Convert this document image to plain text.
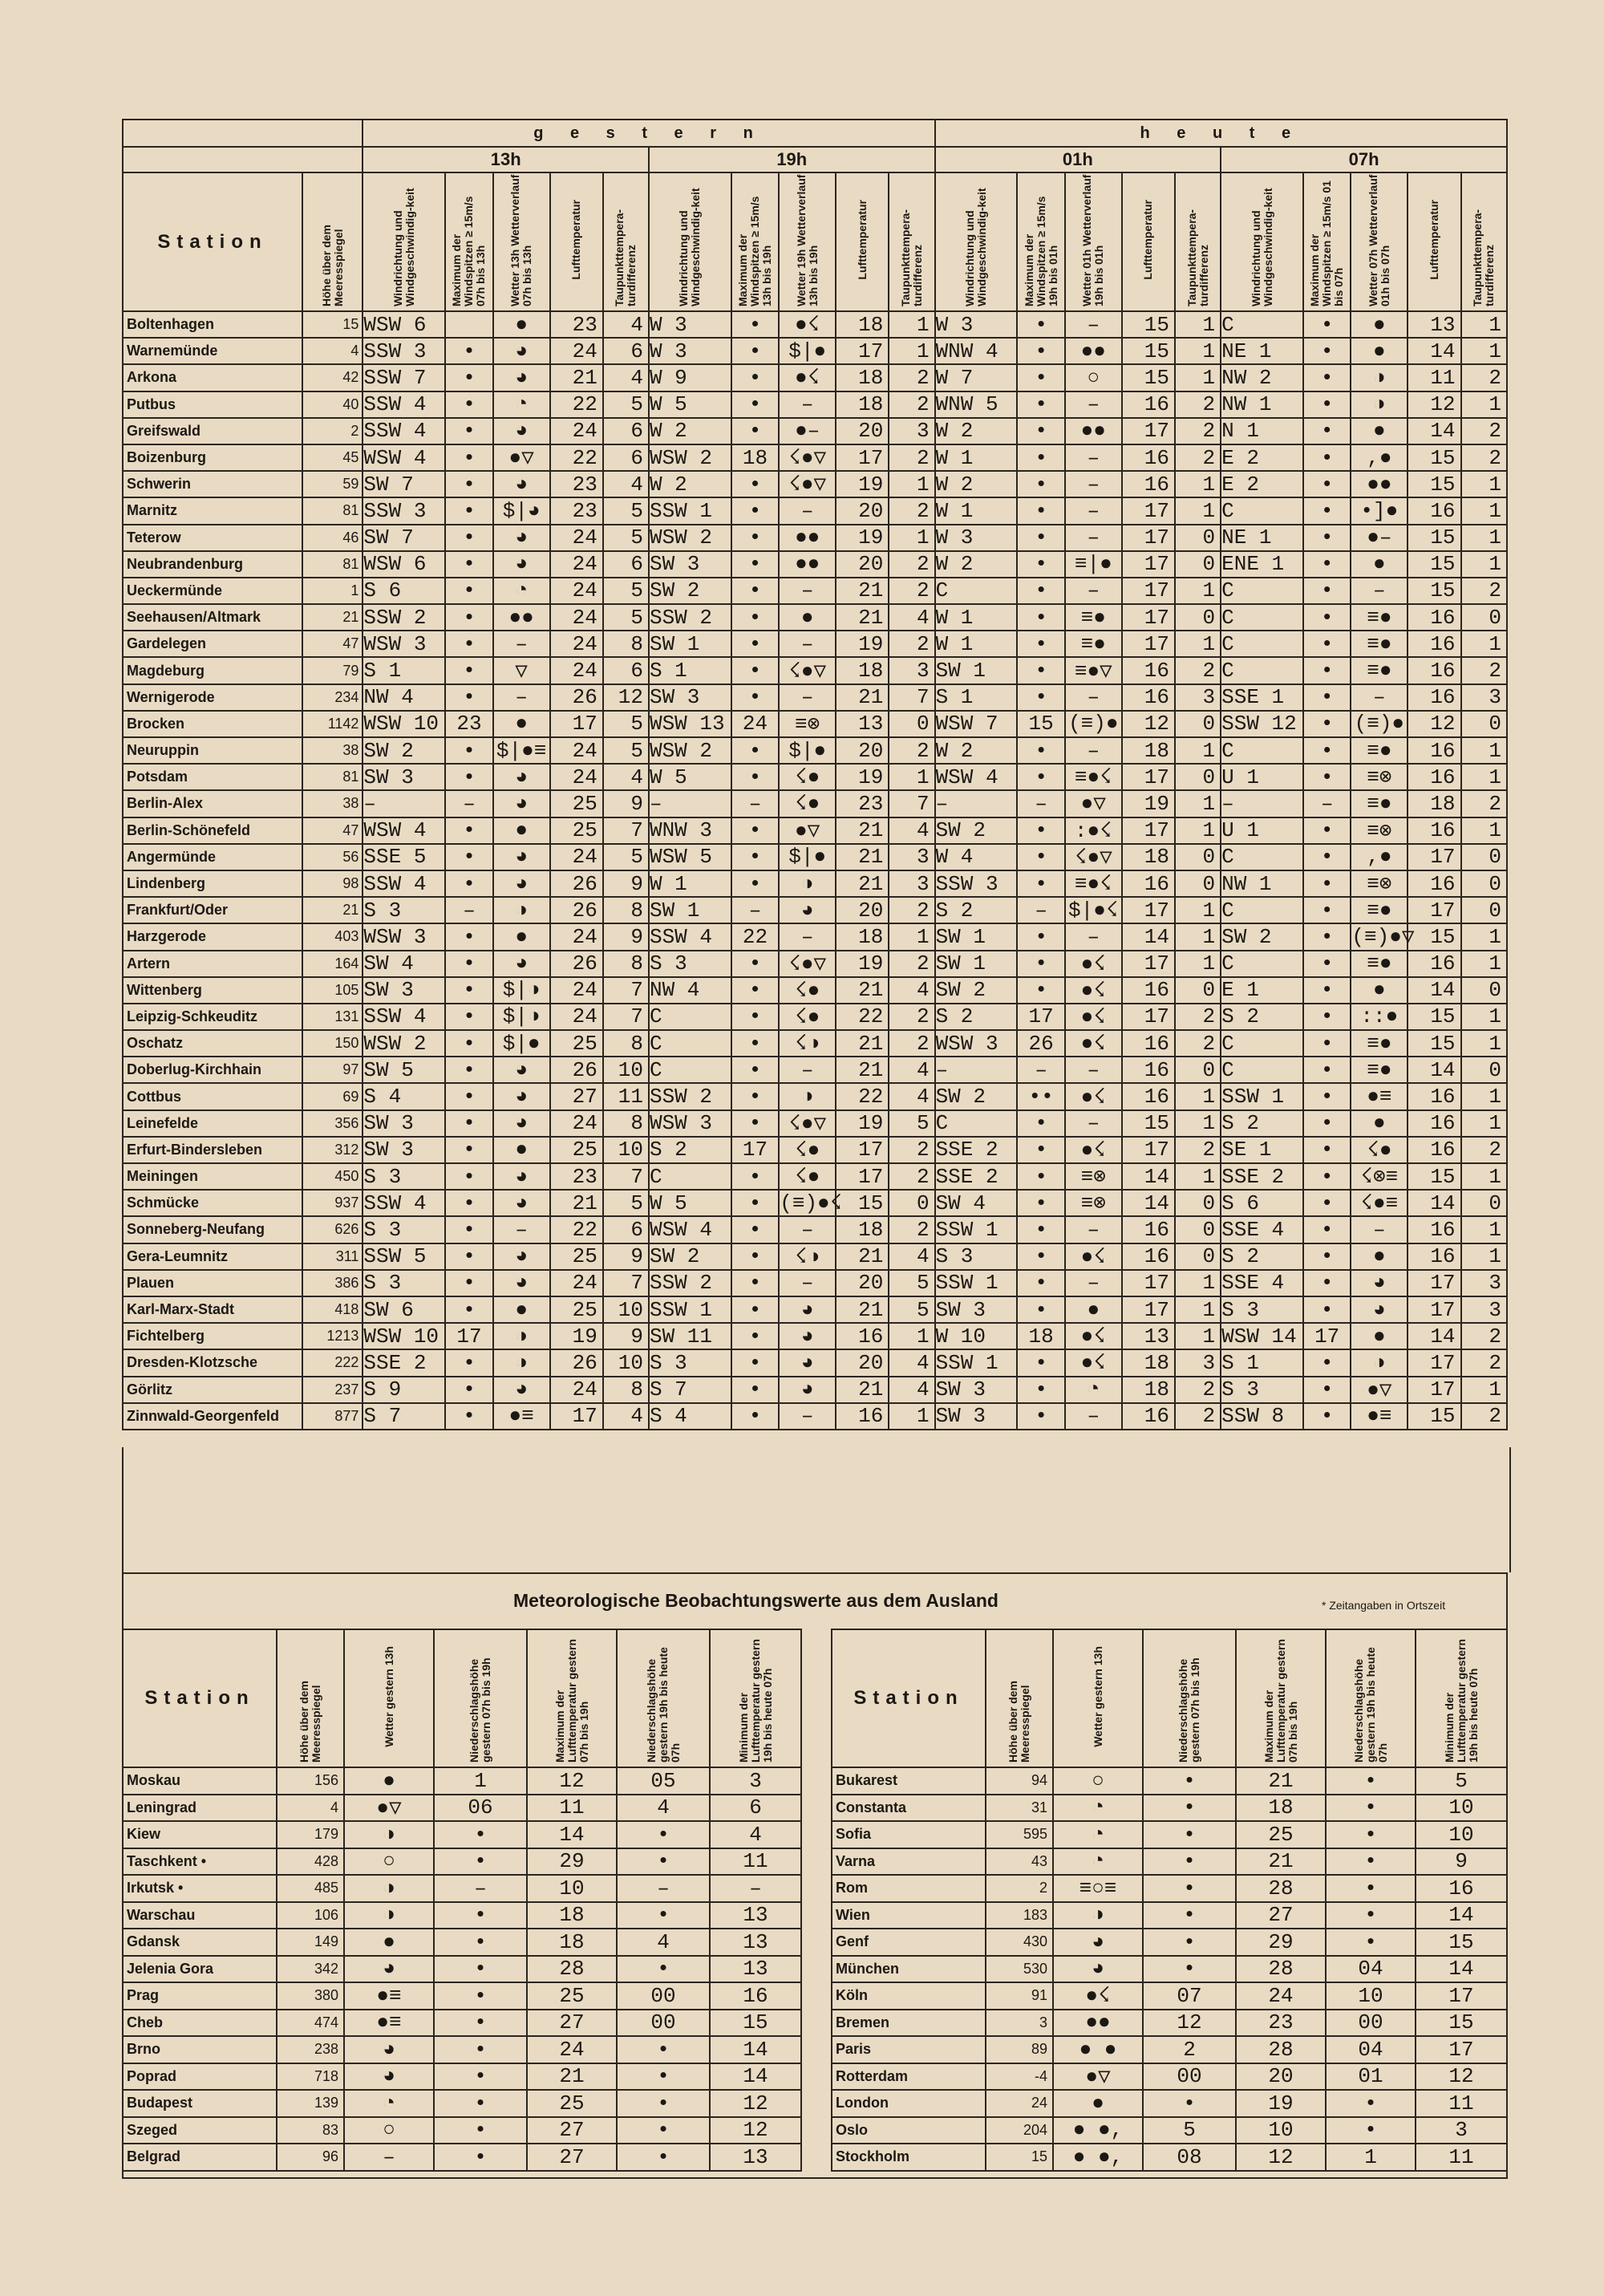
		g e s t e r n										h e u t e									
		13h					19h					01h					07h				
Station	Höhe über dem Meeresspiegel	Windrichtung und Windgeschwindig-keit	Maximum der Windspitzen ≥ 15m/s 07h bis 13h	Wetter 13h Wetterverlauf 07h bis 13h	Lufttemperatur	Taupunkttempera-turdifferenz	Windrichtung und Windgeschwindig-keit	Maximum der Windspitzen ≥ 15m/s 13h bis 19h	Wetter 19h Wetterverlauf 13h bis 19h	Lufttemperatur	Taupunkttempera-turdifferenz	Windrichtung und Windgeschwindig-keit	Maximum der Windspitzen ≥ 15m/s 19h bis 01h	Wetter 01h Wetterverlauf 19h bis 01h	Lufttemperatur	Taupunkttempera-turdifferenz	Windrichtung und Windgeschwindig-keit	Maximum der Windspitzen ≥ 15m/s 01 bis 07h	Wetter 07h Wetterverlauf 01h bis 07h	Lufttemperatur	Taupunkttempera-turdifferenz
Boltenhagen	15	WSW 6		●	23	4	W 3	•	●☇	18	1	W 3	•	–	15	1	C	•	●	13	1
Warnemünde	4	SSW 3	•	◕	24	6	W 3	•	$|●	17	1	WNW 4	•	●●	15	1	NE 1	•	●	14	1
Arkona	42	SSW 7	•	◕	21	4	W 9	•	●☇	18	2	W 7	•	○	15	1	NW 2	•	◑	11	2
Putbus	40	SSW 4	•	◔	22	5	W 5	•	–	18	2	WNW 5	•	–	16	2	NW 1	•	◑	12	1
Greifswald	2	SSW 4	•	◕	24	6	W 2	•	●–	20	3	W 2	•	●●	17	2	N 1	•	●	14	2
Boizenburg	45	WSW 4	•	●▽	22	6	WSW 2	18	☇●▽	17	2	W 1	•	–	16	2	E 2	•	,●	15	2
Schwerin	59	SW 7	•	◕	23	4	W 2	•	☇●▽	19	1	W 2	•	–	16	1	E 2	•	●●	15	1
Marnitz	81	SSW 3	•	$|◕	23	5	SSW 1	•	–	20	2	W 1	•	–	17	1	C	•	•]●	16	1
Teterow	46	SW 7	•	◕	24	5	WSW 2	•	●●	19	1	W 3	•	–	17	0	NE 1	•	●–	15	1
Neubrandenburg	81	WSW 6	•	◕	24	6	SW 3	•	●●	20	2	W 2	•	≡|●	17	0	ENE 1	•	●	15	1
Ueckermünde	1	S 6	•	◔	24	5	SW 2	•	–	21	2	C	•	–	17	1	C	•	–	15	2
Seehausen/Altmark	21	SSW 2	•	●●	24	5	SSW 2	•	●	21	4	W 1	•	≡●	17	0	C	•	≡●	16	0
Gardelegen	47	WSW 3	•	–	24	8	SW 1	•	–	19	2	W 1	•	≡●	17	1	C	•	≡●	16	1
Magdeburg	79	S 1	•	▽	24	6	S 1	•	☇●▽	18	3	SW 1	•	≡●▽	16	2	C	•	≡●	16	2
Wernigerode	234	NW 4	•	–	26	12	SW 3	•	–	21	7	S 1	•	–	16	3	SSE 1	•	–	16	3
Brocken	1142	WSW 10	23	●	17	5	WSW 13	24	≡⊗	13	0	WSW 7	15	(≡)●	12	0	SSW 12	•	(≡)●	12	0
Neuruppin	38	SW 2	•	$|●≡	24	5	WSW 2	•	$|●	20	2	W 2	•	–	18	1	C	•	≡●	16	1
Potsdam	81	SW 3	•	◕	24	4	W 5	•	☇●	19	1	WSW 4	•	≡●☇	17	0	U 1	•	≡⊗	16	1
Berlin-Alex	38	–	–	◕	25	9	–	–	☇●	23	7	–	–	●▽	19	1	–	–	≡●	18	2
Berlin-Schönefeld	47	WSW 4	•	●	25	7	WNW 3	•	●▽	21	4	SW 2	•	:●☇	17	1	U 1	•	≡⊗	16	1
Angermünde	56	SSE 5	•	◕	24	5	WSW 5	•	$|●	21	3	W 4	•	☇●▽	18	0	C	•	,●	17	0
Lindenberg	98	SSW 4	•	◕	26	9	W 1	•	◑	21	3	SSW 3	•	≡●☇	16	0	NW 1	•	≡⊗	16	0
Frankfurt/Oder	21	S 3	–	◑	26	8	SW 1	–	◕	20	2	S 2	–	$|●☇	17	1	C	•	≡●	17	0
Harzgerode	403	WSW 3	•	●	24	9	SSW 4	22	–	18	1	SW 1	•	–	14	1	SW 2	•	(≡)●▽	15	1
Artern	164	SW 4	•	◕	26	8	S 3	•	☇●▽	19	2	SW 1	•	●☇	17	1	C	•	≡●	16	1
Wittenberg	105	SW 3	•	$|◑	24	7	NW 4	•	☇●	21	4	SW 2	•	●☇	16	0	E 1	•	●	14	0
Leipzig-Schkeuditz	131	SSW 4	•	$|◑	24	7	C	•	☇●	22	2	S 2	17	●☇	17	2	S 2	•	::●	15	1
Oschatz	150	WSW 2	•	$|●	25	8	C	•	☇◑	21	2	WSW 3	26	●☇	16	2	C	•	≡●	15	1
Doberlug-Kirchhain	97	SW 5	•	◕	26	10	C	•	–	21	4	–	–	–	16	0	C	•	≡●	14	0
Cottbus	69	S 4	•	◕	27	11	SSW 2	•	◑	22	4	SW 2	••	●☇	16	1	SSW 1	•	●≡	16	1
Leinefelde	356	SW 3	•	◕	24	8	WSW 3	•	☇●▽	19	5	C	•	–	15	1	S 2	•	●	16	1
Erfurt-Bindersleben	312	SW 3	•	●	25	10	S 2	17	☇●	17	2	SSE 2	•	●☇	17	2	SE 1	•	☇●	16	2
Meiningen	450	S 3	•	◕	23	7	C	•	☇●	17	2	SSE 2	•	≡⊗	14	1	SSE 2	•	☇⊗≡	15	1
Schmücke	937	SSW 4	•	◕	21	5	W 5	•	(≡)●☇	15	0	SW 4	•	≡⊗	14	0	S 6	•	☇●≡	14	0
Sonneberg-Neufang	626	S 3	•	–	22	6	WSW 4	•	–	18	2	SSW 1	•	–	16	0	SSE 4	•	–	16	1
Gera-Leumnitz	311	SSW 5	•	◕	25	9	SW 2	•	☇◑	21	4	S 3	•	●☇	16	0	S 2	•	●	16	1
Plauen	386	S 3	•	◕	24	7	SSW 2	•	–	20	5	SSW 1	•	–	17	1	SSE 4	•	◕	17	3
Karl-Marx-Stadt	418	SW 6	•	●	25	10	SSW 1	•	◕	21	5	SW 3	•	●	17	1	S 3	•	◕	17	3
Fichtelberg	1213	WSW 10	17	◑	19	9	SW 11	•	◕	16	1	W 10	18	●☇	13	1	WSW 14	17	●	14	2
Dresden-Klotzsche	222	SSE 2	•	◑	26	10	S 3	•	◕	20	4	SSW 1	•	●☇	18	3	S 1	•	◑	17	2
Görlitz	237	S 9	•	◕	24	8	S 7	•	◕	21	4	SW 3	•	◔	18	2	S 3	•	●▽	17	1
Zinnwald-Georgenfeld	877	S 7	•	●≡	17	4	S 4	•	–	16	1	SW 3	•	–	16	2	SSW 8	•	●≡	15	2
Meteorologische Beobachtungswerte aus dem Ausland	* Zeitangaben in Ortszeit
Station	Höhe über dem Meeresspiegel	Wetter gestern 13h	Niederschlagshöhe gestern 07h bis 19h	Maximum der Lufttemperatur gestern 07h bis 19h	Niederschlagshöhe gestern 19h bis heute 07h	Minimum der Lufttemperatur gestern 19h bis heute 07h
Moskau	156	●	1	12	05	3
Leningrad	4	●▽	06	11	4	6
Kiew	179	◑	•	14	•	4
Taschkent •	428	○	•	29	•	11
Irkutsk •	485	◑	–	10	–	–
Warschau	106	◑	•	18	•	13
Gdansk	149	●	•	18	4	13
Jelenia Gora	342	◕	•	28	•	13
Prag	380	●≡	•	25	00	16
Cheb	474	●≡	•	27	00	15
Brno	238	◕	•	24	•	14
Poprad	718	◕	•	21	•	14
Budapest	139	◔	•	25	•	12
Szeged	83	○	•	27	•	12
Belgrad	96	–	•	27	•	13
Station	Höhe über dem Meeresspiegel	Wetter gestern 13h	Niederschlagshöhe gestern 07h bis 19h	Maximum der Lufttemperatur gestern 07h bis 19h	Niederschlagshöhe gestern 19h bis heute 07h	Minimum der Lufttemperatur gestern 19h bis heute 07h
Bukarest	94	○	•	21	•	5
Constanta	31	◔	•	18	•	10
Sofia	595	◔	•	25	•	10
Varna	43	◔	•	21	•	9
Rom	2	≡○≡	•	28	•	16
Wien	183	◑	•	27	•	14
Genf	430	◕	•	29	•	15
München	530	◕	•	28	04	14
Köln	91	●☇	07	24	10	17
Bremen	3	●●	12	23	00	15
Paris	89	● ●	2	28	04	17
Rotterdam	-4	●▽	00	20	01	12
London	24	●	•	19	•	11
Oslo	204	● ●,	5	10	•	3
Stockholm	15	● ●,	08	12	1	11
